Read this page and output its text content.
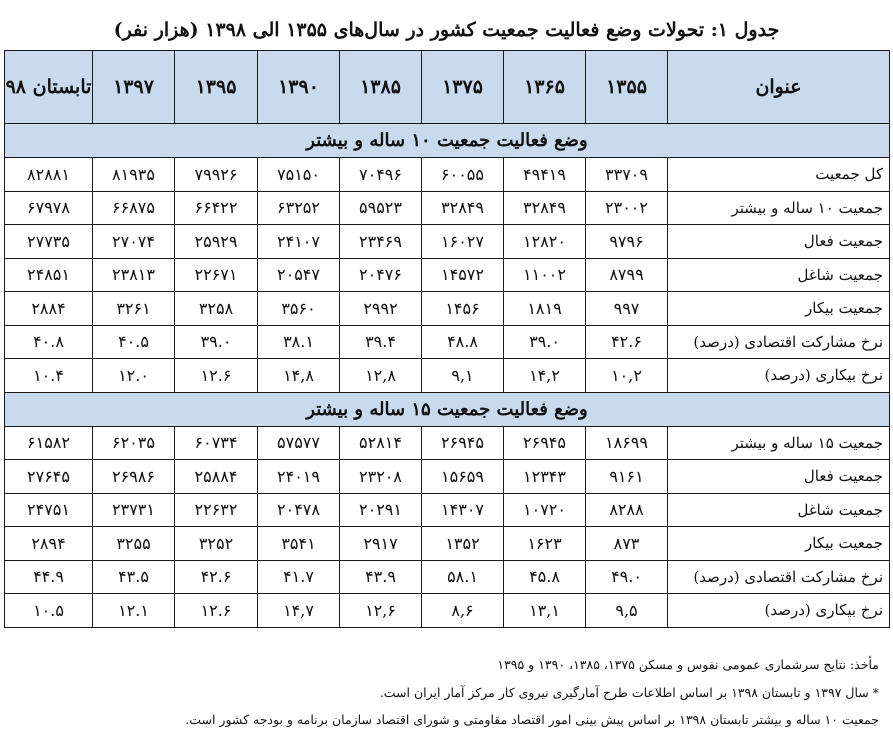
جدول ۱: تحولات وضع فعالیت جمعیت کشور در سال‌های ۱۳۵۵ الی ۱۳۹۸ (هزار نفر)
عنوان	۱۳۵۵	۱۳۶۵	۱۳۷۵	۱۳۸۵	۱۳۹۰	۱۳۹۵	۱۳۹۷	تابستان ۹۸
وضع فعالیت جمعیت ۱۰ ساله و بیشتر								
کل جمعیت	۳۳۷۰۹	۴۹۴۱۹	۶۰۰۵۵	۷۰۴۹۶	۷۵۱۵۰	۷۹۹۲۶	۸۱۹۳۵	۸۲۸۸۱
جمعیت ۱۰ ساله و بیشتر	۲۳۰۰۲	۳۲۸۴۹	۳۲۸۴۹	۵۹۵۲۳	۶۳۲۵۲	۶۶۴۲۲	۶۶۸۷۵	۶۷۹۷۸
جمعیت فعال	۹۷۹۶	۱۲۸۲۰	۱۶۰۲۷	۲۳۴۶۹	۲۴۱۰۷	۲۵۹۲۹	۲۷۰۷۴	۲۷۷۳۵
جمعیت شاغل	۸۷۹۹	۱۱۰۰۲	۱۴۵۷۲	۲۰۴۷۶	۲۰۵۴۷	۲۲۶۷۱	۲۳۸۱۳	۲۴۸۵۱
جمعیت بیکار	۹۹۷	۱۸۱۹	۱۴۵۶	۲۹۹۲	۳۵۶۰	۳۲۵۸	۳۲۶۱	۲۸۸۴
نرخ مشارکت اقتصادی (درصد)	۴۲.۶	۳۹.۰	۴۸.۸	۳۹.۴	۳۸.۱	۳۹.۰	۴۰.۵	۴۰.۸
نرخ بیکاری (درصد)	۱۰,۲	۱۴,۲	۹,۱	۱۲,۸	۱۴,۸	۱۲.۶	۱۲.۰	۱۰.۴
وضع فعالیت جمعیت ۱۵ ساله و بیشتر								
جمعیت ۱۵ ساله و بیشتر	۱۸۶۹۹	۲۶۹۴۵	۲۶۹۴۵	۵۲۸۱۴	۵۷۵۷۷	۶۰۷۳۴	۶۲۰۳۵	۶۱۵۸۲
جمعیت فعال	۹۱۶۱	۱۲۳۴۳	۱۵۶۵۹	۲۳۲۰۸	۲۴۰۱۹	۲۵۸۸۴	۲۶۹۸۶	۲۷۶۴۵
جمعیت شاغل	۸۲۸۸	۱۰۷۲۰	۱۴۳۰۷	۲۰۲۹۱	۲۰۴۷۸	۲۲۶۳۲	۲۳۷۳۱	۲۴۷۵۱
جمعیت بیکار	۸۷۳	۱۶۲۳	۱۳۵۲	۲۹۱۷	۳۵۴۱	۳۲۵۲	۳۲۵۵	۲۸۹۴
نرخ مشارکت اقتصادی (درصد)	۴۹.۰	۴۵.۸	۵۸.۱	۴۳.۹	۴۱.۷	۴۲.۶	۴۳.۵	۴۴.۹
نرخ بیکاری (درصد)	۹,۵	۱۳,۱	۸,۶	۱۲,۶	۱۴,۷	۱۲.۶	۱۲.۱	۱۰.۵
مأخذ: نتایج سرشماری عمومی نفوس و مسکن ۱۳۷۵، ۱۳۸۵، ۱۳۹۰ و ۱۳۹۵
* سال ۱۳۹۷ و تابستان ۱۳۹۸ بر اساس اطلاعات طرح آمارگیری نیروی کار مرکز آمار ایران است.
جمعیت ۱۰ ساله و بیشتر تابستان ۱۳۹۸ بر اساس پیش بینی امور اقتصاد مقاومتی و شورای اقتصاد سازمان برنامه و بودجه کشور است.
